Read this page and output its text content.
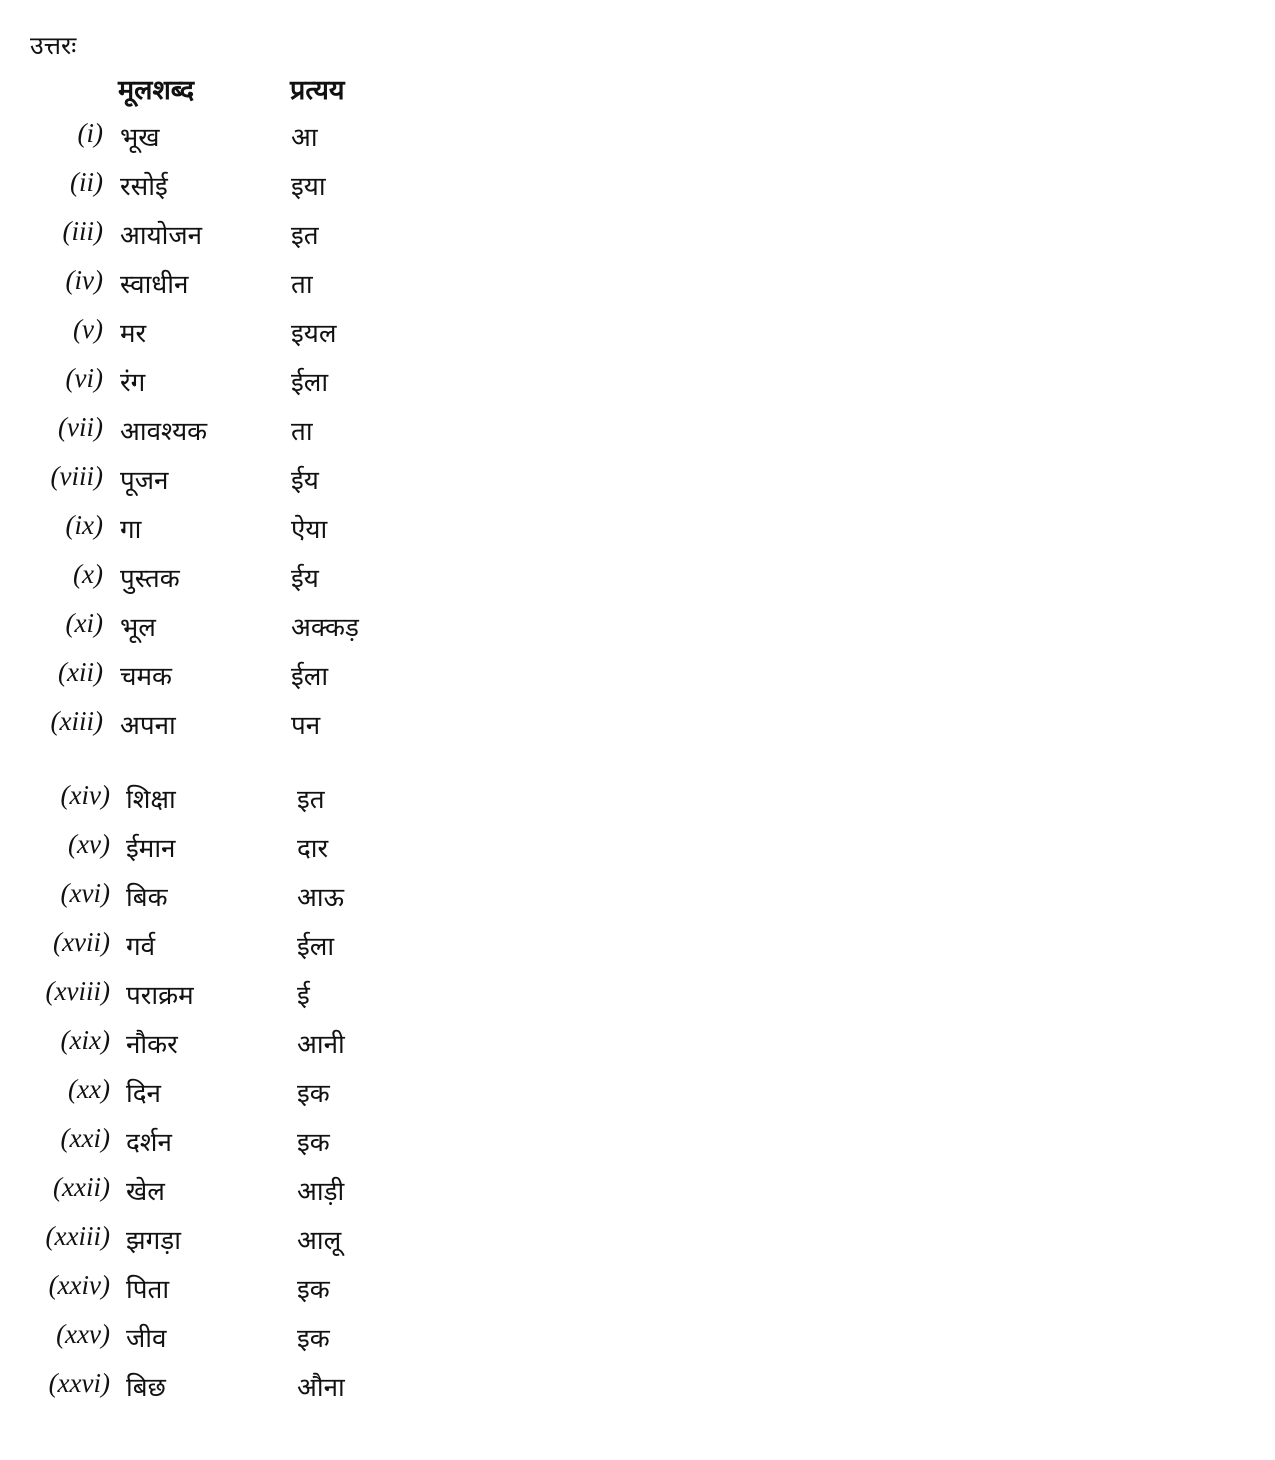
उत्तरः
मूलशब्द	प्रत्यय
(i) भूख	आ
(ii) रसोई	इया
(iii) आयोजन	इत
(iv) स्वाधीन	ता
(v) मर	इयल
(vi) रंग	ईला
(vii) आवश्यक	ता
(viii) पूजन	ईय
(ix) गा	ऐया
(x) पुस्तक	ईय
(xi) भूल	अक्कड़
(xii) चमक	ईला
(xiii) अपना	पन
(xiv) शिक्षा	इत
(xv) ईमान	दार
(xvi) बिक	आऊ
(xvii) गर्व	ईला
(xviii) पराक्रम	ई
(xix) नौकर	आनी
(xx) दिन	इक
(xxi) दर्शन	इक
(xxii) खेल	आड़ी
(xxiii) झगड़ा	आलू
(xxiv) पिता	इक
(xxv) जीव	इक
(xxvi) बिछ	औना
